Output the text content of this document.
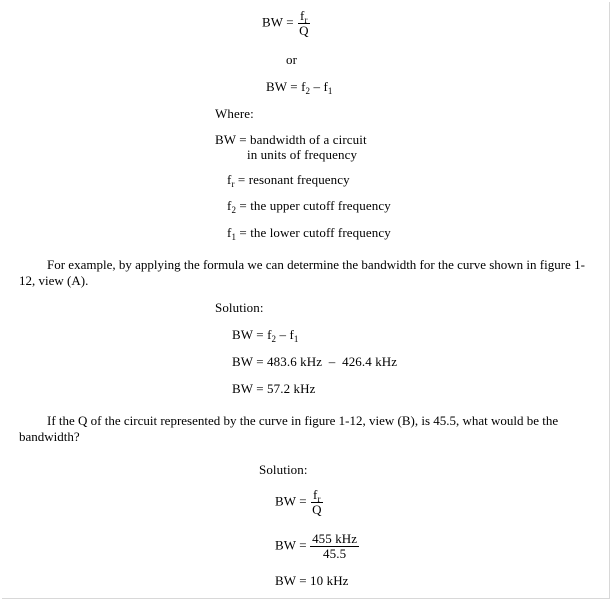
BW = $\frac{f_r}{Q}$
or
BW = $f_2 - f_1$
Where:
BW = bandwidth of a circuit
in units of frequency
$f_r$ = resonant frequency
$f_2$ = the upper cutoff frequency
$f_1$ = the lower cutoff frequency
For example, by applying the formula we can determine the bandwidth for the curve shown in figure 1-12, view (A).
Solution:
BW = $f_2 - f_1$
BW = 483.6 kHz  –  426.4 kHz
BW = 57.2 kHz
If the Q of the circuit represented by the curve in figure 1-12, view (B), is 45.5, what would be the bandwidth?
Solution:
BW = $\frac{f_r}{Q}$
BW = $\frac{\text{455 kHz}}{45.5}$
BW = 10 kHz
